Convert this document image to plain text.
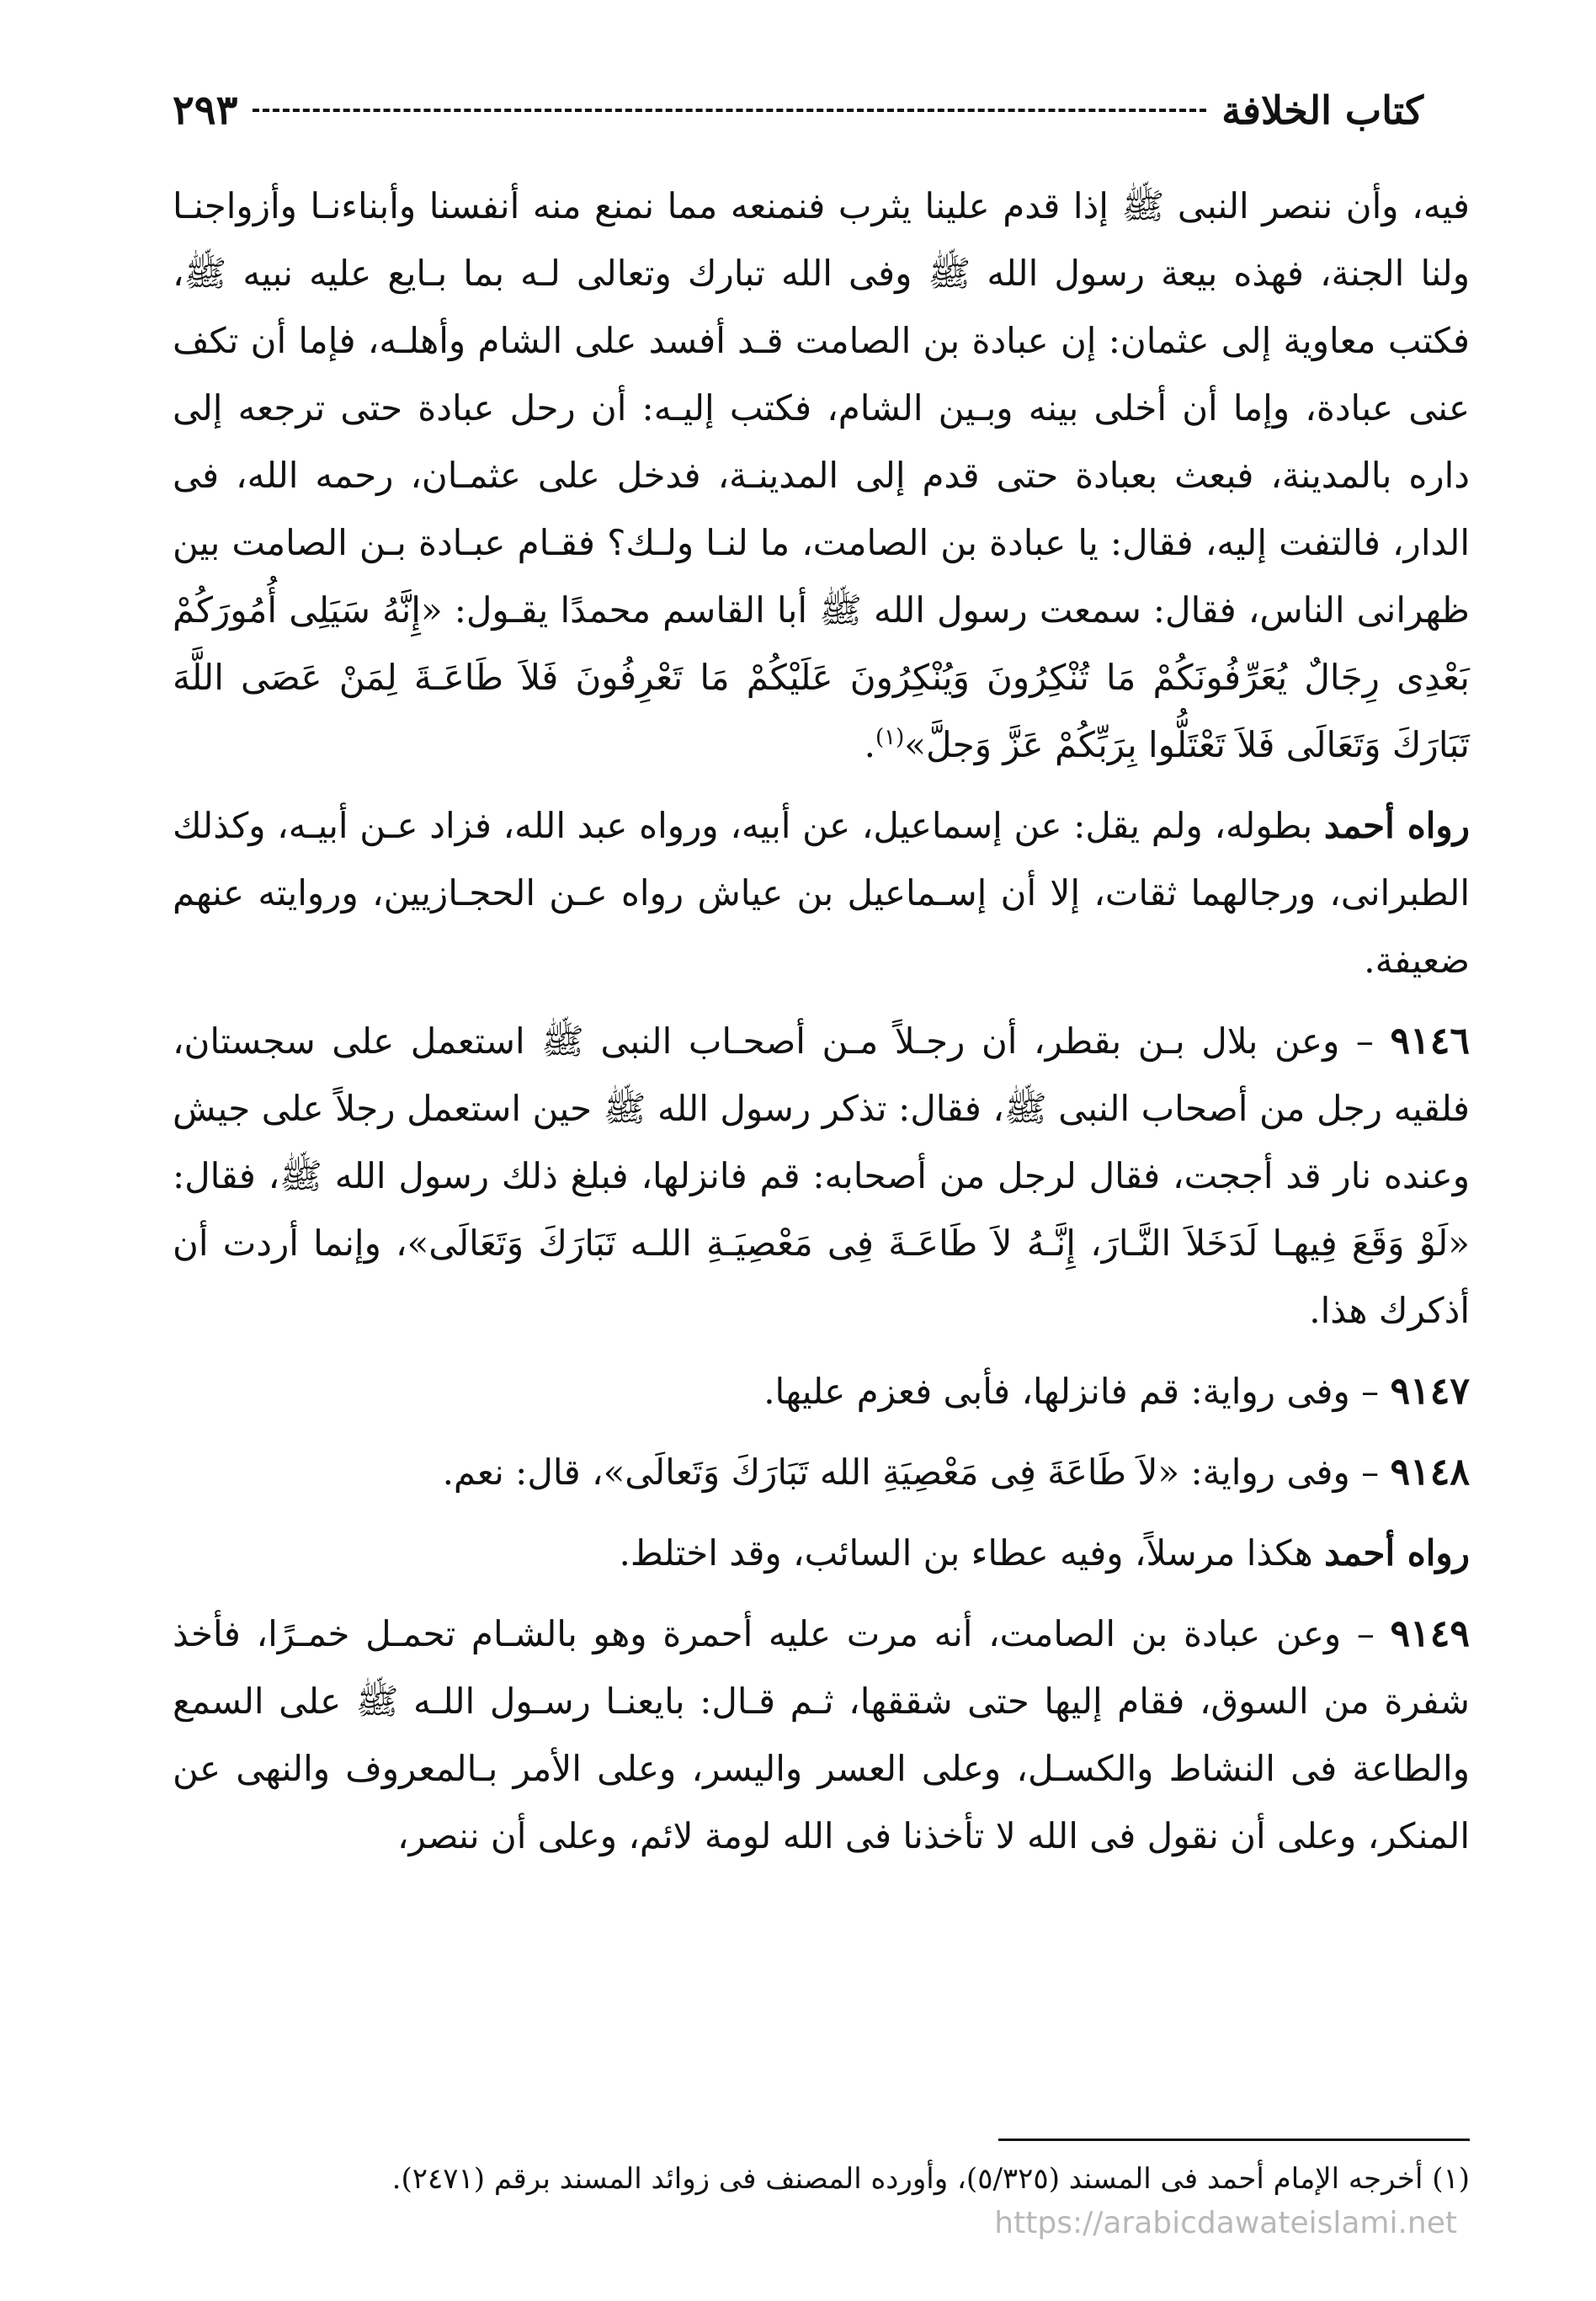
كتاب الخلافة
٢٩٣

فيه، وأن ننصر النبى ﷺ إذا قدم علينا يثرب فنمنعه مما نمنع منه أنفسنا وأبناءنـا وأزواجنـا ولنا الجنة، فهذه بيعة رسول الله ﷺ وفى الله تبارك وتعالى لـه بما بـايع عليه نبيه ﷺ، فكتب معاوية إلى عثمان: إن عبادة بن الصامت قـد أفسد على الشام وأهلـه، فإما أن تكف عنى عبادة، وإما أن أخلى بينه وبـين الشام، فكتب إليـه: أن رحل عبادة حتى ترجعه إلى داره بالمدينة، فبعث بعبادة حتى قدم إلى المدينـة، فدخل على عثمـان، رحمه الله، فى الدار، فالتفت إليه، فقال: يا عبادة بن الصامت، ما لنـا ولـك؟ فقـام عبـادة بـن الصامت بين ظهرانى الناس، فقال: سمعت رسول الله ﷺ أبا القاسم محمدًا يقـول: «إِنَّهُ سَيَلِى أُمُورَكُمْ بَعْدِى رِجَالٌ يُعَرِّفُونَكُمْ مَا تُنْكِرُونَ وَيُنْكِرُونَ عَلَيْكُمْ مَا تَعْرِفُونَ فَلاَ طَاعَـةَ لِمَنْ عَصَى اللَّهَ تَبَارَكَ وَتَعَالَى فَلاَ تَعْتَلُّوا بِرَبِّكُمْ عَزَّ وَجلَّ»$^{(١)}$.

رواه أحمد بطوله، ولم يقل: عن إسماعيل، عن أبيه، ورواه عبد الله، فزاد عـن أبيـه، وكذلك الطبرانى، ورجالهما ثقات، إلا أن إسـماعيل بن عياش رواه عـن الحجـازيين، وروايته عنهم ضعيفة.

٩١٤٦ – وعن بلال بـن بقطر، أن رجـلاً مـن أصحـاب النبى ﷺ استعمل على سجستان، فلقيه رجل من أصحاب النبى ﷺ، فقال: تذكر رسول الله ﷺ حين استعمل رجلاً على جيش وعنده نار قد أججت، فقال لرجل من أصحابه: قم فانزلها، فبلغ ذلك رسول الله ﷺ، فقال: «لَوْ وَقَعَ فِيهـا لَدَخَلاَ النَّـارَ، إِنَّـهُ لاَ طَاعَـةَ فِى مَعْصِيَـةِ اللـه تَبَارَكَ وَتَعَالَى»، وإنما أردت أن أذكرك هذا.

٩١٤٧ – وفى رواية: قم فانزلها، فأبى فعزم عليها.

٩١٤٨ – وفى رواية: «لاَ طَاعَةَ فِى مَعْصِيَةِ الله تَبَارَكَ وَتَعالَى»، قال: نعم.

رواه أحمد هكذا مرسلاً، وفيه عطاء بن السائب، وقد اختلط.

٩١٤٩ – وعن عبادة بن الصامت، أنه مرت عليه أحمرة وهو بالشـام تحمـل خمـرًا، فأخذ شفرة من السوق، فقام إليها حتى شققها، ثـم قـال: بايعنـا رسـول اللـه ﷺ على السمع والطاعة فى النشاط والكسـل، وعلى العسر واليسر، وعلى الأمر بـالمعروف والنهى عن المنكر، وعلى أن نقول فى الله لا تأخذنا فى الله لومة لائم، وعلى أن ننصر،

(١) أخرجه الإمام أحمد فى المسند (٥/٣٢٥)، وأورده المصنف فى زوائد المسند برقم (٢٤٧١).
https://arabicdawateislami.net
